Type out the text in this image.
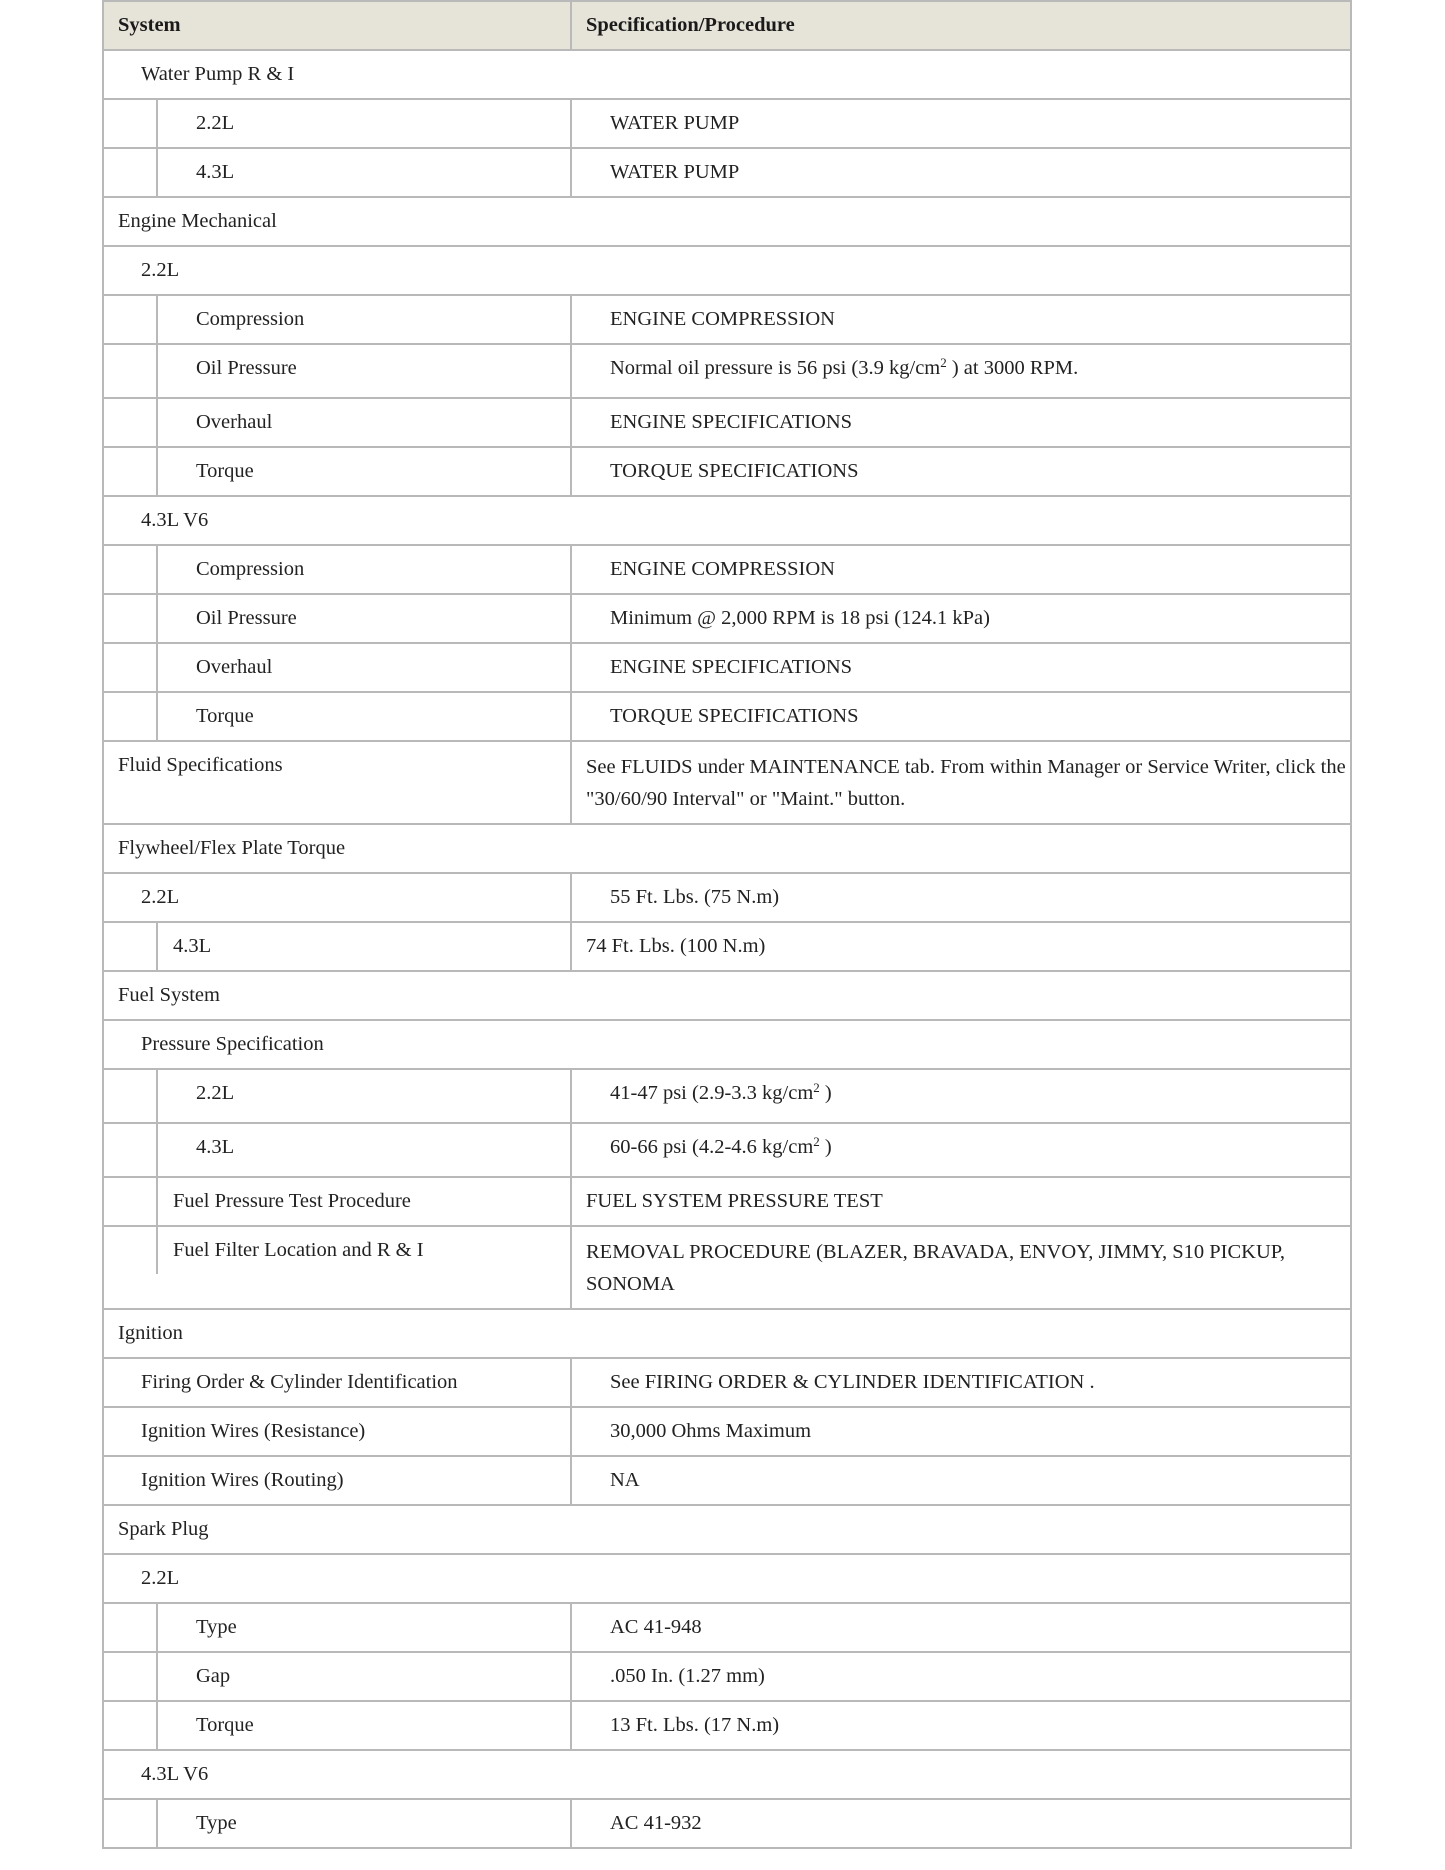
System	Specification/Procedure

Water Pump R & I	

2.2L	WATER PUMP

4.3L	WATER PUMP

Engine Mechanical	

2.2L	

Compression	ENGINE COMPRESSION

Oil Pressure	Normal oil pressure is 56 psi (3.9 $kg/cm^2$ ) at 3000 RPM.

Overhaul	ENGINE SPECIFICATIONS

Torque	TORQUE SPECIFICATIONS

4.3L V6	

Compression	ENGINE COMPRESSION

Oil Pressure	Minimum @ 2,000 RPM is 18 psi (124.1 kPa)

Overhaul	ENGINE SPECIFICATIONS

Torque	TORQUE SPECIFICATIONS

Fluid Specifications	See FLUIDS under MAINTENANCE tab. From within Manager or Service Writer, click the "30/60/90 Interval" or "Maint." button.

Flywheel/Flex Plate Torque	

2.2L	55 Ft. Lbs. (75 N.m)

4.3L	74 Ft. Lbs. (100 N.m)

Fuel System	

Pressure Specification	

2.2L	41-47 psi (2.9-3.3 $kg/cm^2$ )

4.3L	60-66 psi (4.2-4.6 $kg/cm^2$ )

Fuel Pressure Test Procedure	FUEL SYSTEM PRESSURE TEST

Fuel Filter Location and R & I	REMOVAL PROCEDURE (BLAZER, BRAVADA, ENVOY, JIMMY, S10 PICKUP, SONOMA

Ignition	

Firing Order & Cylinder Identification	See FIRING ORDER & CYLINDER IDENTIFICATION .

Ignition Wires (Resistance)	30,000 Ohms Maximum

Ignition Wires (Routing)	NA

Spark Plug	

2.2L	

Type	AC 41-948

Gap	.050 In. (1.27 mm)

Torque	13 Ft. Lbs. (17 N.m)

4.3L V6	

Type	AC 41-932
